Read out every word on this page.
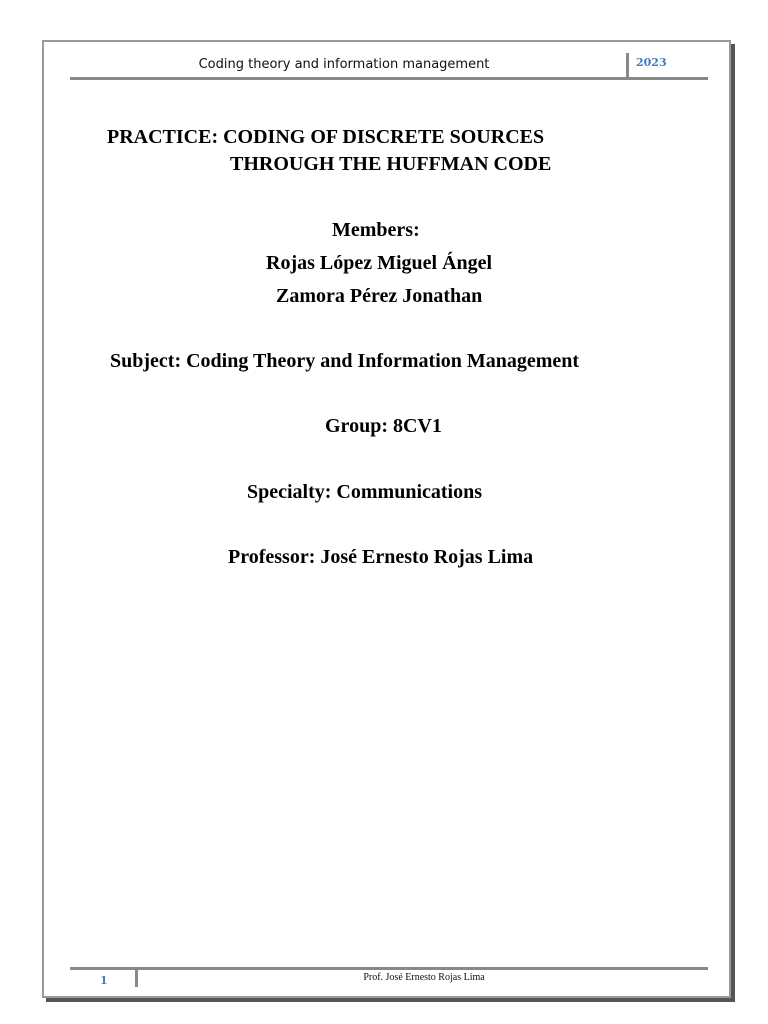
Coding theory and information management	2023
PRACTICE: CODING OF DISCRETE SOURCES
THROUGH THE HUFFMAN CODE
Members:
Rojas López Miguel Ángel
Zamora Pérez Jonathan
Subject: Coding Theory and Information Management
Group: 8CV1
Specialty: Communications
Professor: José Ernesto Rojas Lima
1	Prof. José Ernesto Rojas Lima
